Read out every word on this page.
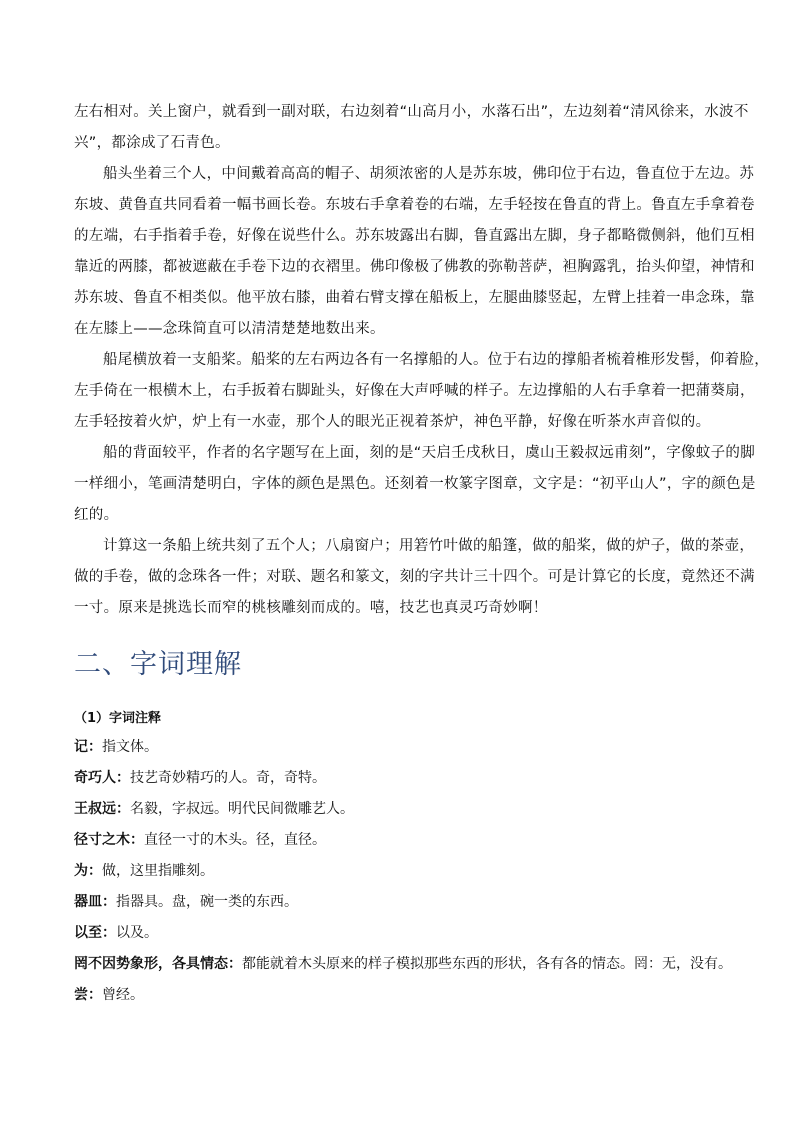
左右相对。关上窗户，就看到一副对联，右边刻着“山高月小，水落石出”，左边刻着“清风徐来，水波不

兴”，都涂成了石青色。

船头坐着三个人，中间戴着高高的帽子、胡须浓密的人是苏东坡，佛印位于右边，鲁直位于左边。苏

东坡、黄鲁直共同看着一幅书画长卷。东坡右手拿着卷的右端，左手轻按在鲁直的背上。鲁直左手拿着卷

的左端，右手指着手卷，好像在说些什么。苏东坡露出右脚，鲁直露出左脚，身子都略微侧斜，他们互相

靠近的两膝，都被遮蔽在手卷下边的衣褶里。佛印像极了佛教的弥勒菩萨，袒胸露乳，抬头仰望，神情和

苏东坡、鲁直不相类似。他平放右膝，曲着右臂支撑在船板上，左腿曲膝竖起，左臂上挂着一串念珠，靠

在左膝上——念珠简直可以清清楚楚地数出来。

船尾横放着一支船桨。船桨的左右两边各有一名撑船的人。位于右边的撑船者梳着椎形发髻，仰着脸，

左手倚在一根横木上，右手扳着右脚趾头，好像在大声呼喊的样子。左边撑船的人右手拿着一把蒲葵扇，

左手轻按着火炉，炉上有一水壶，那个人的眼光正视着茶炉，神色平静，好像在听茶水声音似的。

船的背面较平，作者的名字题写在上面，刻的是“天启壬戌秋日，虞山王毅叔远甫刻”，字像蚊子的脚

一样细小，笔画清楚明白，字体的颜色是黑色。还刻着一枚篆字图章，文字是：“初平山人”，字的颜色是

红的。

计算这一条船上统共刻了五个人；八扇窗户；用箬竹叶做的船篷，做的船桨，做的炉子，做的茶壶，

做的手卷，做的念珠各一件；对联、题名和篆文，刻的字共计三十四个。可是计算它的长度，竟然还不满

一寸。原来是挑选长而窄的桃核雕刻而成的。嘻，技艺也真灵巧奇妙啊！

二、字词理解
（1）字词注释
记：指文体。
奇巧人：技艺奇妙精巧的人。奇，奇特。
王叔远：名毅，字叔远。明代民间微雕艺人。
径寸之木：直径一寸的木头。径，直径。
为：做，这里指雕刻。
器皿：指器具。盘，碗一类的东西。
以至：以及。
罔不因势象形，各具情态：都能就着木头原来的样子模拟那些东西的形状，各有各的情态。罔：无，没有。
尝：曾经。
